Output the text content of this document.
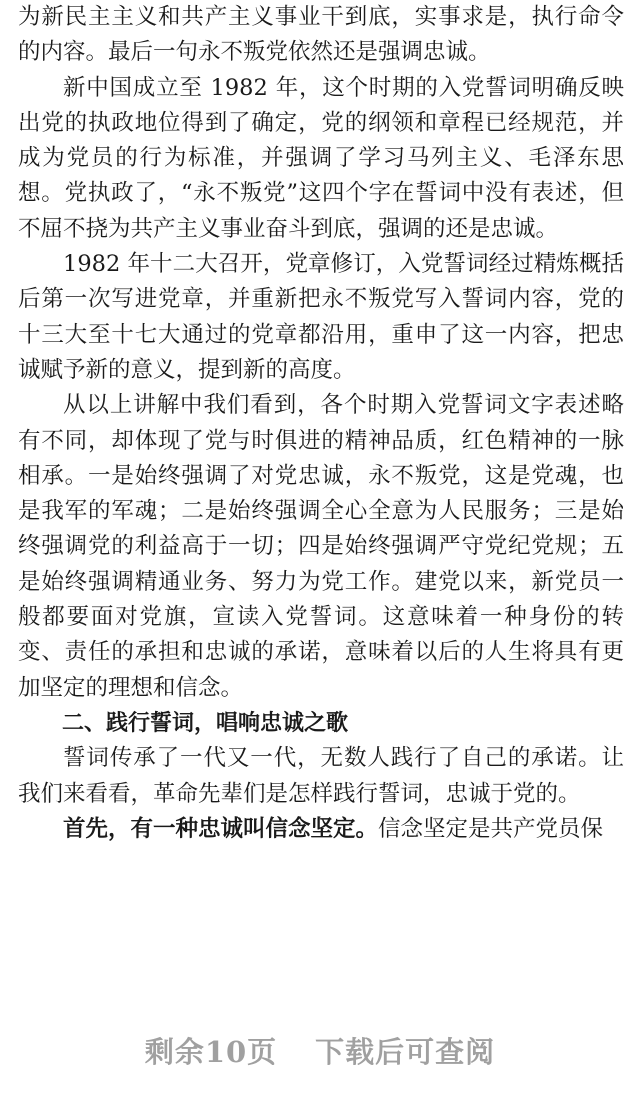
为新民主主义和共产主义事业干到底，实事求是，执行命令的内容。最后一句永不叛党依然还是强调忠诚。

新中国成立至 1982 年，这个时期的入党誓词明确反映出党的执政地位得到了确定，党的纲领和章程已经规范，并成为党员的行为标准，并强调了学习马列主义、毛泽东思想。党执政了，“永不叛党”这四个字在誓词中没有表述，但不屈不挠为共产主义事业奋斗到底，强调的还是忠诚。

1982 年十二大召开，党章修订，入党誓词经过精炼概括后第一次写进党章，并重新把永不叛党写入誓词内容，党的十三大至十七大通过的党章都沿用，重申了这一内容，把忠诚赋予新的意义，提到新的高度。

从以上讲解中我们看到，各个时期入党誓词文字表述略有不同，却体现了党与时俱进的精神品质，红色精神的一脉相承。一是始终强调了对党忠诚，永不叛党，这是党魂，也是我军的军魂；二是始终强调全心全意为人民服务；三是始终强调党的利益高于一切；四是始终强调严守党纪党规；五是始终强调精通业务、努力为党工作。建党以来，新党员一般都要面对党旗，宣读入党誓词。这意味着一种身份的转变、责任的承担和忠诚的承诺，意味着以后的人生将具有更加坚定的理想和信念。

二、践行誓词，唱响忠诚之歌

誓词传承了一代又一代，无数人践行了自己的承诺。让我们来看看，革命先辈们是怎样践行誓词，忠诚于党的。

首先，有一种忠诚叫信念坚定。信念坚定是共产党员保

剩余10页 下载后可查阅
